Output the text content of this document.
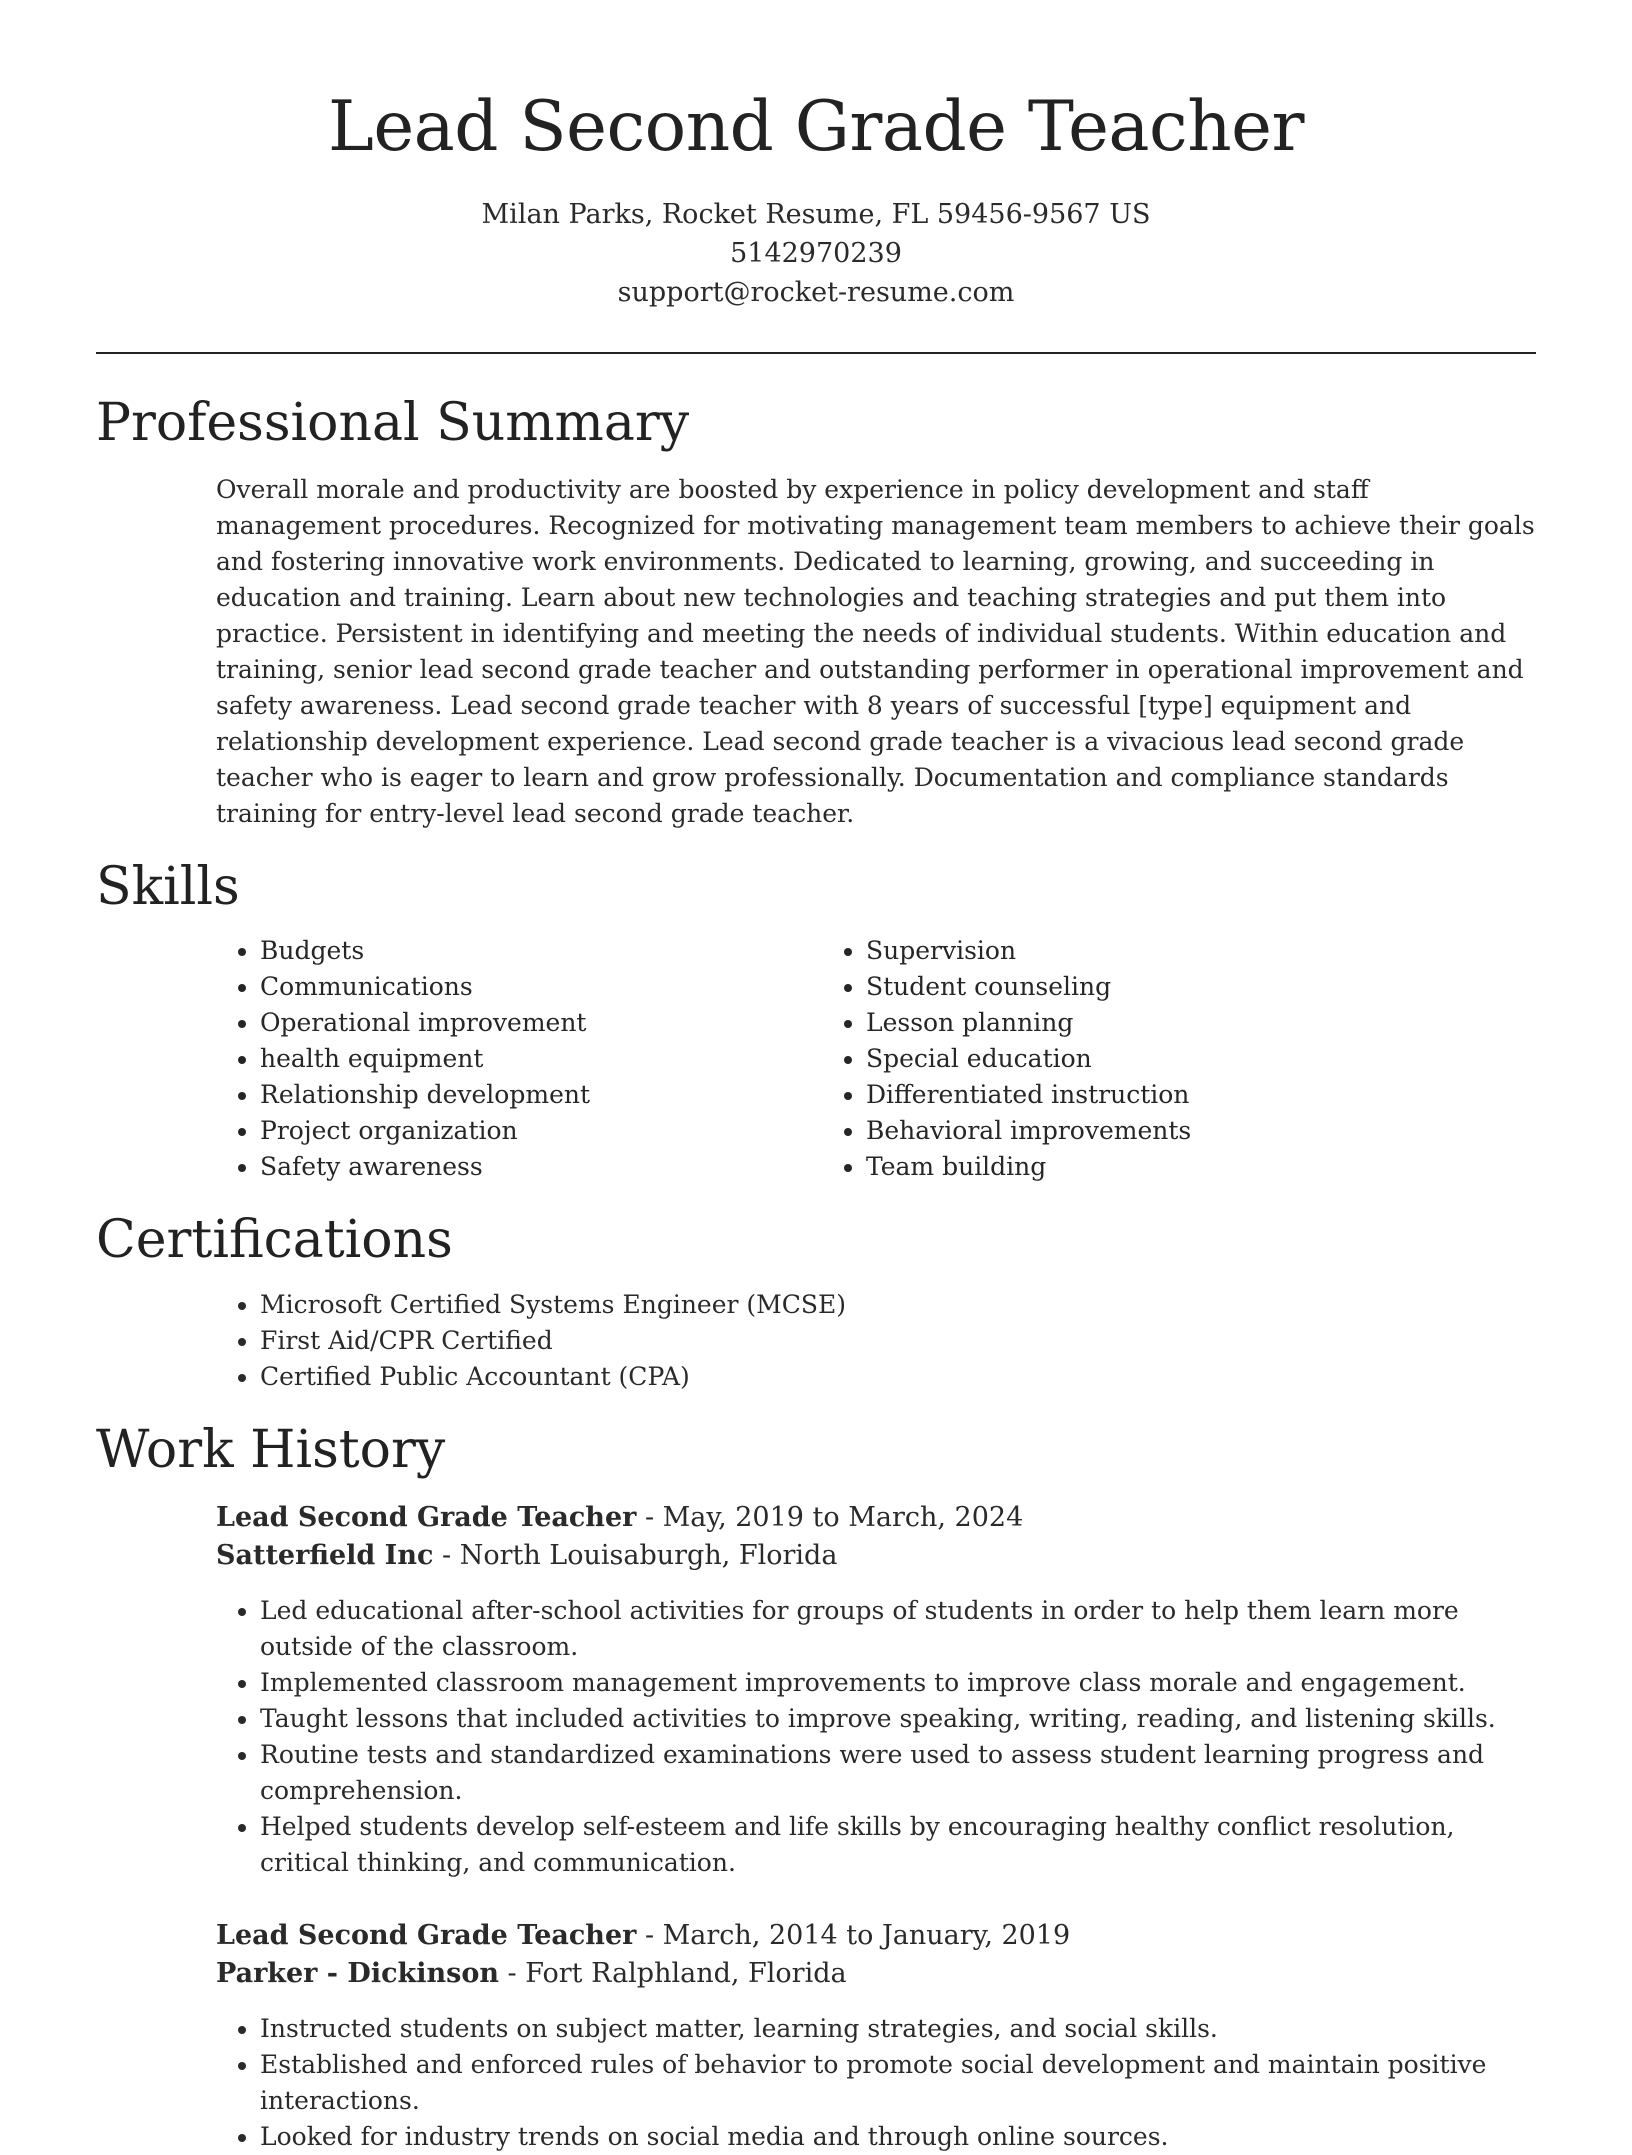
Lead Second Grade Teacher
Milan Parks, Rocket Resume, FL 59456-9567 US
5142970239
support@rocket-resume.com
Professional Summary
Overall morale and productivity are boosted by experience in policy development and staff management procedures. Recognized for motivating management team members to achieve their goals and fostering innovative work environments. Dedicated to learning, growing, and succeeding in education and training. Learn about new technologies and teaching strategies and put them into practice. Persistent in identifying and meeting the needs of individual students. Within education and training, senior lead second grade teacher and outstanding performer in operational improvement and safety awareness. Lead second grade teacher with 8 years of successful [type] equipment and relationship development experience. Lead second grade teacher is a vivacious lead second grade teacher who is eager to learn and grow professionally. Documentation and compliance standards training for entry-level lead second grade teacher.
Skills
• Budgets
• Communications
• Operational improvement
• health equipment
• Relationship development
• Project organization
• Safety awareness
• Supervision
• Student counseling
• Lesson planning
• Special education
• Differentiated instruction
• Behavioral improvements
• Team building
Certifications
• Microsoft Certified Systems Engineer (MCSE)
• First Aid/CPR Certified
• Certified Public Accountant (CPA)
Work History
Lead Second Grade Teacher - May, 2019 to March, 2024
Satterfield Inc - North Louisaburgh, Florida
• Led educational after-school activities for groups of students in order to help them learn more outside of the classroom.
• Implemented classroom management improvements to improve class morale and engagement.
• Taught lessons that included activities to improve speaking, writing, reading, and listening skills.
• Routine tests and standardized examinations were used to assess student learning progress and comprehension.
• Helped students develop self-esteem and life skills by encouraging healthy conflict resolution, critical thinking, and communication.
Lead Second Grade Teacher - March, 2014 to January, 2019
Parker - Dickinson - Fort Ralphland, Florida
• Instructed students on subject matter, learning strategies, and social skills.
• Established and enforced rules of behavior to promote social development and maintain positive interactions.
• Looked for industry trends on social media and through online sources.
